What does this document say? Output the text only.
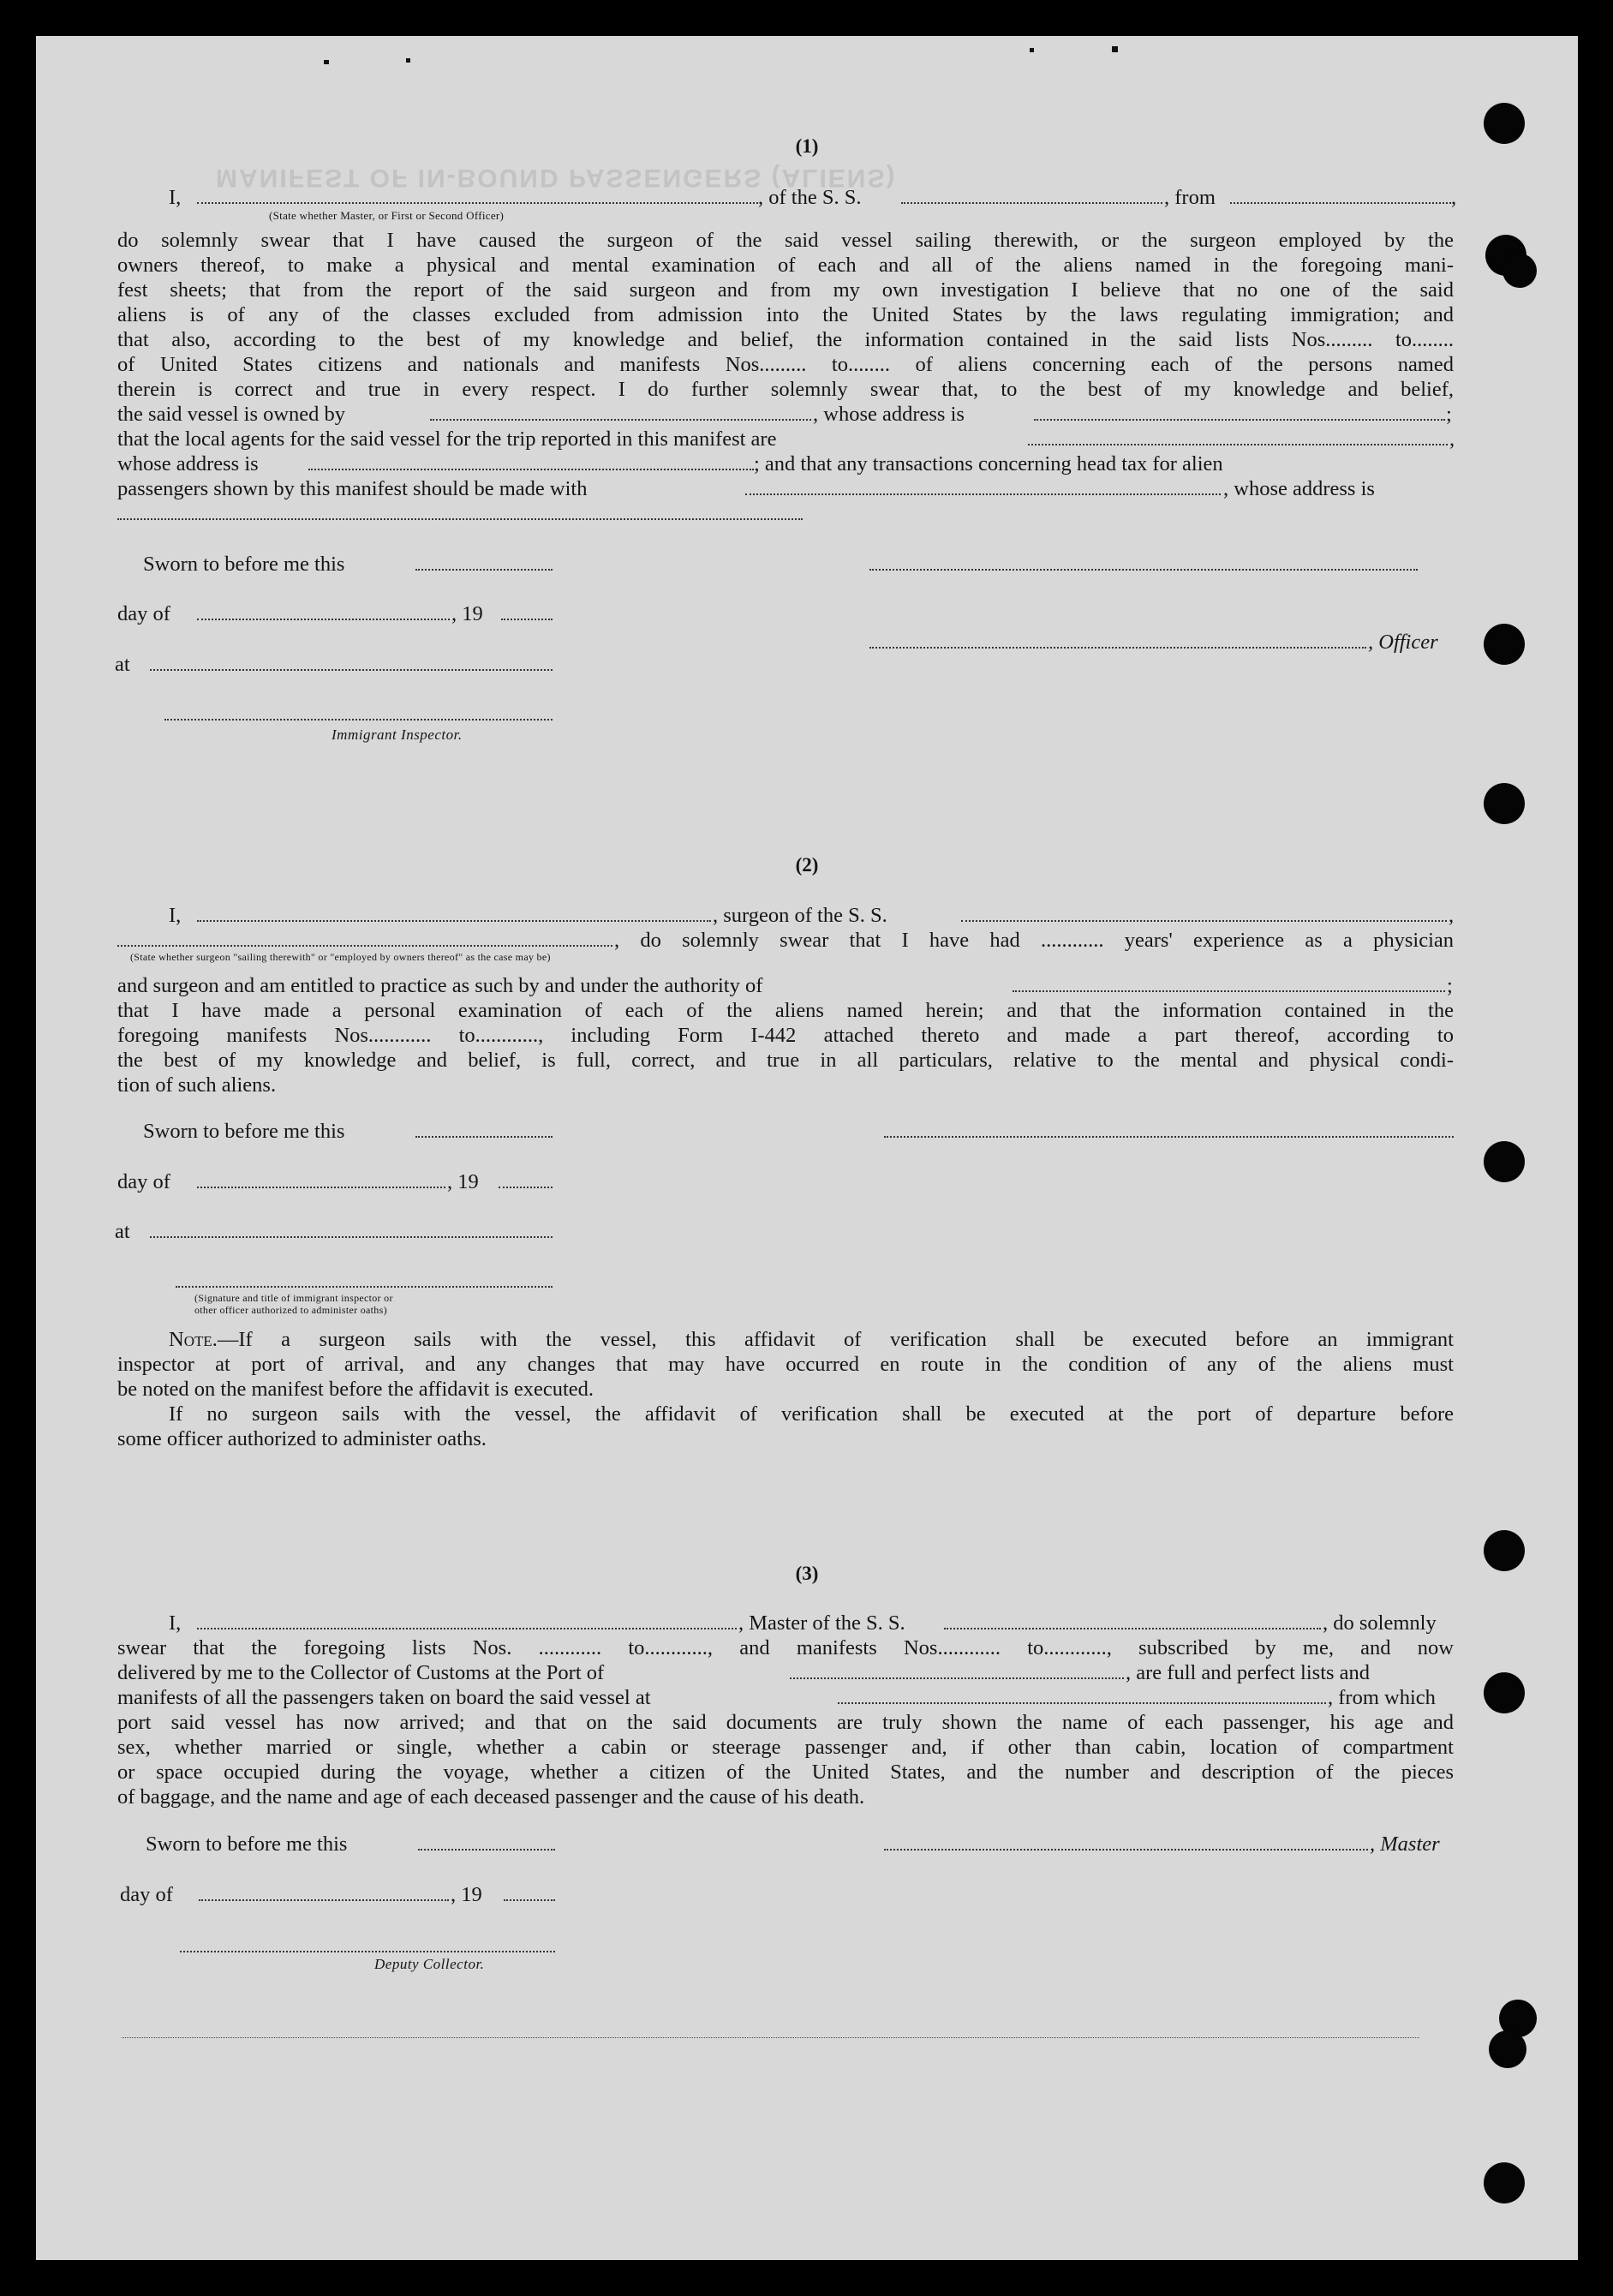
MANIFEST OF IN-BOUND PASSENGERS (ALIENS)
(1)
I,	, of the S. S.	, from	,
(State whether Master, or First or Second Officer)
do solemnly swear that I have caused the surgeon of the said vessel sailing therewith, or the surgeon employed by the
owners thereof, to make a physical and mental examination of each and all of the aliens named in the foregoing mani-
fest sheets; that from the report of the said surgeon and from my own investigation I believe that no one of the said
aliens is of any of the classes excluded from admission into the United States by the laws regulating immigration; and
that also, according to the best of my knowledge and belief, the information contained in the said lists Nos......... to........
of United States citizens and nationals and manifests Nos......... to........ of aliens concerning each of the persons named
therein is correct and true in every respect. I do further solemnly swear that, to the best of my knowledge and belief,
the said vessel is owned by	, whose address is	;
that the local agents for the said vessel for the trip reported in this manifest are	,
whose address is	; and that any transactions concerning head tax for alien
passengers shown by this manifest should be made with	, whose address is
Sworn to before me this
day of	, 19
, Officer
at
Immigrant Inspector.
(2)
I,	, surgeon of the S. S.	,
, do solemnly swear that I have had ............ years' experience as a physician
(State whether surgeon "sailing therewith" or "employed by owners thereof" as the case may be)
and surgeon and am entitled to practice as such by and under the authority of	;
that I have made a personal examination of each of the aliens named herein; and that the information contained in the
foregoing manifests Nos............ to............, including Form I-442 attached thereto and made a part thereof, according to
the best of my knowledge and belief, is full, correct, and true in all particulars, relative to the mental and physical condi-
tion of such aliens.
Sworn to before me this
day of	, 19
at
(Signature and title of immigrant inspector or
other officer authorized to administer oaths)
Note.—If a surgeon sails with the vessel, this affidavit of verification shall be executed before an immigrant
inspector at port of arrival, and any changes that may have occurred en route in the condition of any of the aliens must
be noted on the manifest before the affidavit is executed.
If no surgeon sails with the vessel, the affidavit of verification shall be executed at the port of departure before
some officer authorized to administer oaths.
(3)
I,	, Master of the S. S.	, do solemnly
swear that the foregoing lists Nos. ............ to............, and manifests Nos............ to............, subscribed by me, and now
delivered by me to the Collector of Customs at the Port of	, are full and perfect lists and
manifests of all the passengers taken on board the said vessel at	, from which
port said vessel has now arrived; and that on the said documents are truly shown the name of each passenger, his age and
sex, whether married or single, whether a cabin or steerage passenger and, if other than cabin, location of compartment
or space occupied during the voyage, whether a citizen of the United States, and the number and description of the pieces
of baggage, and the name and age of each deceased passenger and the cause of his death.
Sworn to before me this	, Master
day of	, 19
Deputy Collector.
